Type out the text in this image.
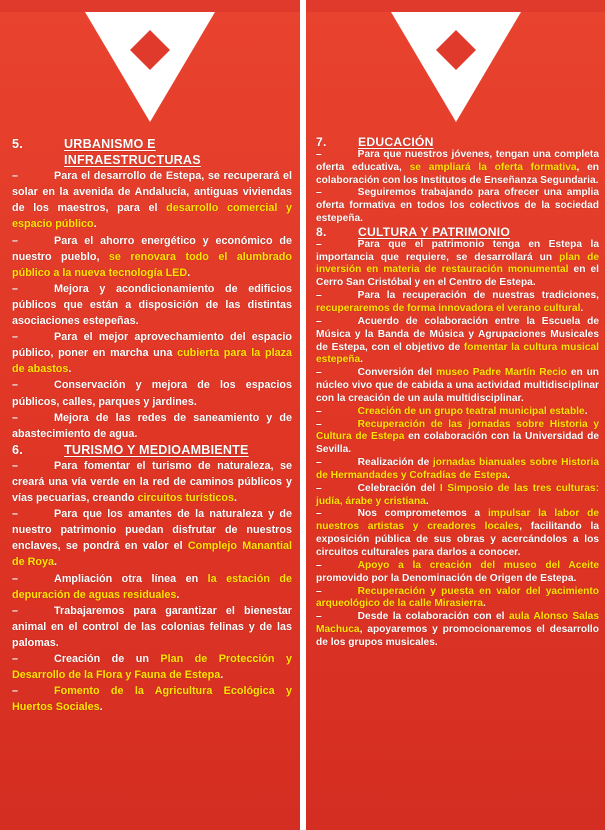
5.	URBANISMO E INFRAESTRUCTURAS

–	Para el desarrollo de Estepa, se recuperará el solar en la avenida de Andalucía, antiguas viviendas de los maestros, para el desarrollo comercial y espacio público.

–	Para el ahorro energético y económico de nuestro pueblo, se renovara todo el alumbrado público a la nueva tecnología LED.

–	Mejora y acondicionamiento de edificios públicos que están a disposición de las distintas asociaciones estepeñas.

–	Para el mejor aprovechamiento del espacio público, poner en marcha una cubierta para la plaza de abastos.

–	Conservación y mejora de los espacios públicos, calles, parques y jardines.

–	Mejora de las redes de saneamiento y de abastecimiento de agua.

6.	TURISMO Y MEDIOAMBIENTE

–	Para fomentar el turismo de naturaleza, se creará una vía verde en la red de caminos públicos y vías pecuarias, creando circuitos turísticos.

–	Para que los amantes de la naturaleza y de nuestro patrimonio puedan disfrutar de nuestros enclaves, se pondrá en valor el Complejo Manantial de Roya.

–	Ampliación otra línea en la estación de depuración de aguas residuales.

–	Trabajaremos para garantizar el bienestar animal en el control de las colonias felinas y de las palomas.

–	Creación de un Plan de Protección y Desarrollo de la Flora y Fauna de Estepa.

–	Fomento de la Agricultura Ecológica y Huertos Sociales.

7.	EDUCACIÓN

–	Para que nuestros jóvenes, tengan una completa oferta educativa, se ampliará la oferta formativa, en colaboración con los Institutos de Enseñanza Segundaria.

–	Seguiremos trabajando para ofrecer una amplia oferta formativa en todos los colectivos de la sociedad estepeña.

8.	CULTURA Y PATRIMONIO

–	Para que el patrimonio tenga en Estepa la importancia que requiere, se desarrollará un plan de inversión en materia de restauración monumental en el Cerro San Cristóbal y en el Centro de Estepa.

–	Para la recuperación de nuestras tradiciones, recuperaremos de forma innovadora el verano cultural.

–	Acuerdo de colaboración entre la Escuela de Música y la Banda de Música y Agrupaciones Musicales de Estepa, con el objetivo de fomentar la cultura musical estepeña.

–	Conversión del museo Padre Martín Recio en un núcleo vivo que de cabida a una actividad multidisciplinar con la creación de un aula multidisciplinar.

–	Creación de un grupo teatral municipal estable.

–	Recuperación de las jornadas sobre Historia y Cultura de Estepa en colaboración con la Universidad de Sevilla.

–	Realización de jornadas bianuales sobre Historia de Hermandades y Cofradías de Estepa.

–	Celebración del I Simposio de las tres culturas: judía, árabe y cristiana.

–	Nos comprometemos a impulsar la labor de nuestros artistas y creadores locales, facilitando la exposición pública de sus obras y acercándolos a los circuitos culturales para darlos a conocer.

–	Apoyo a la creación del museo del Aceite promovido por la Denominación de Origen de Estepa.

–	Recuperación y puesta en valor del yacimiento arqueológico de la calle Mirasierra.

–	Desde la colaboración con el aula Alonso Salas Machuca, apoyaremos y promocionaremos el desarrollo de los grupos musicales.
